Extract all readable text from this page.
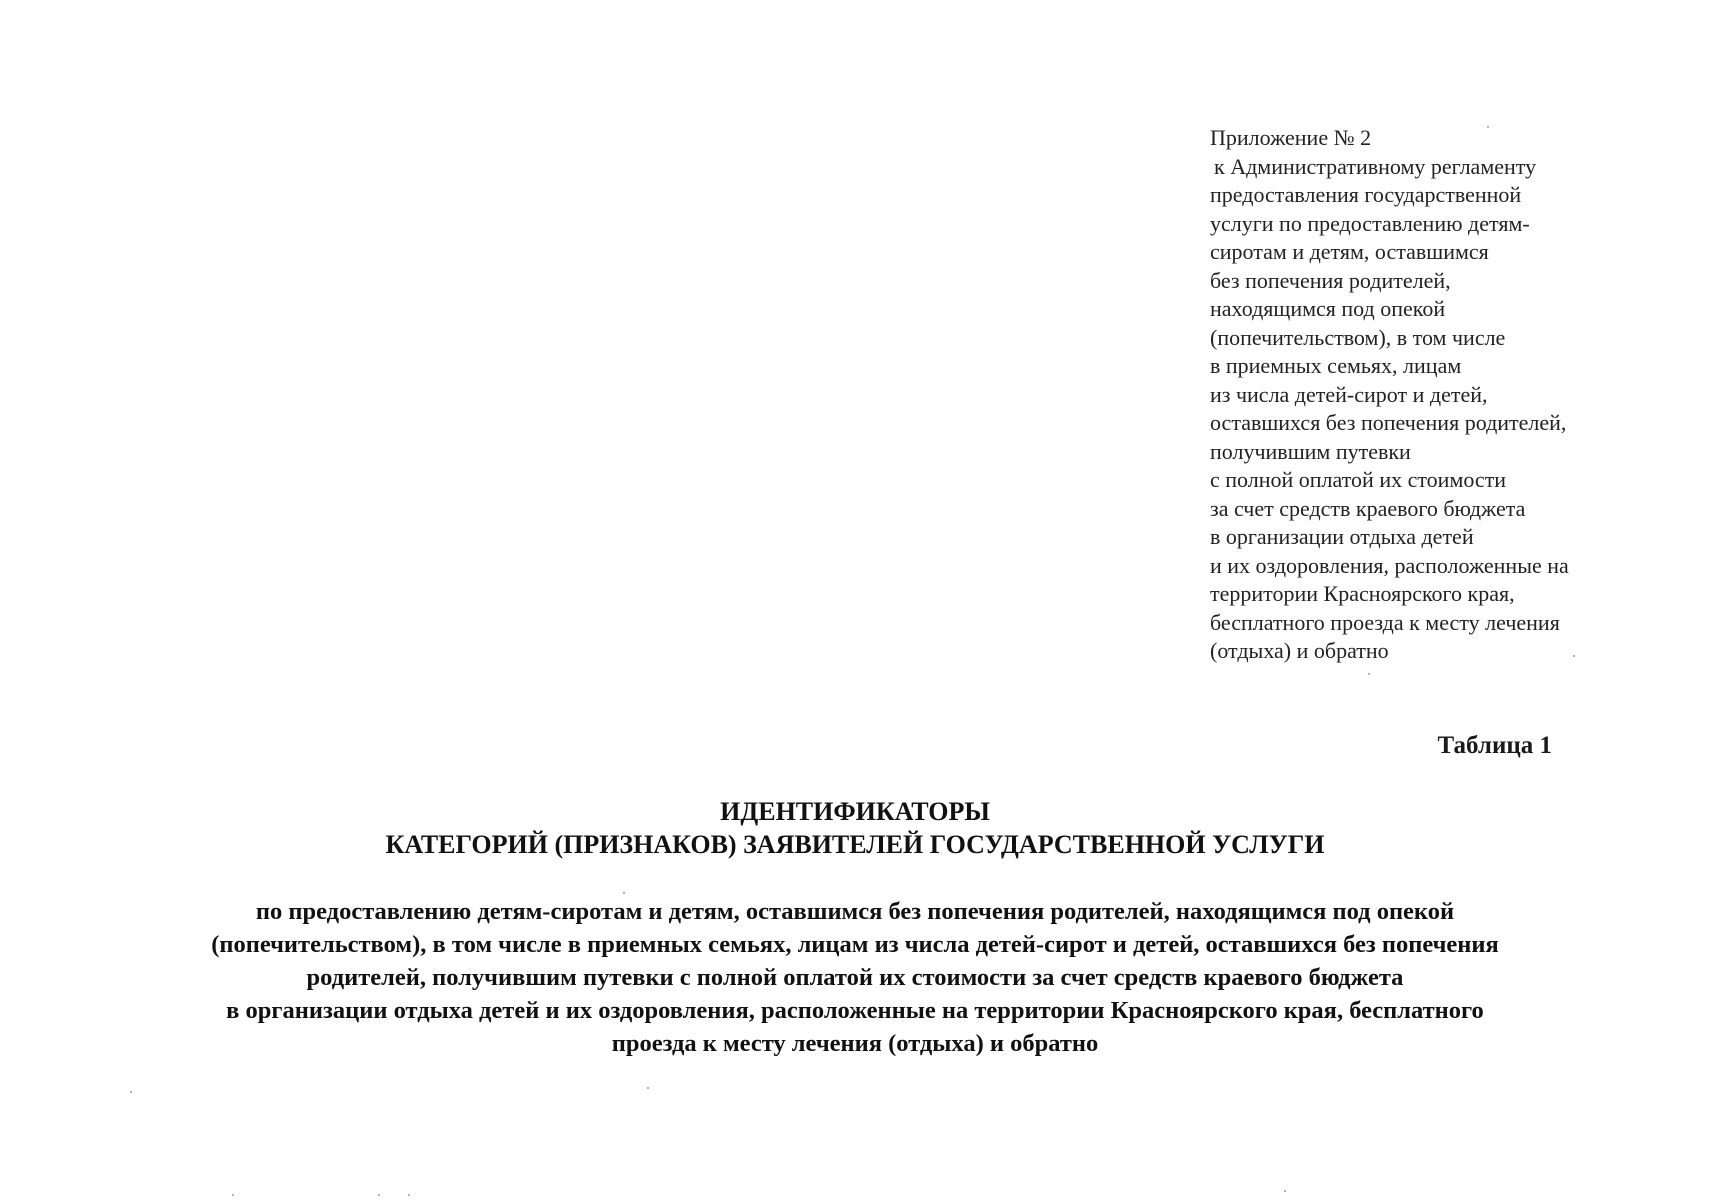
Приложение № 2
к Административному регламенту
предоставления государственной
услуги по предоставлению детям-
сиротам и детям, оставшимся
без попечения родителей,
находящимся под опекой
(попечительством), в том числе
в приемных семьях, лицам
из числа детей-сирот и детей,
оставшихся без попечения родителей,
получившим путевки
с полной оплатой их стоимости
за счет средств краевого бюджета
в организации отдыха детей
и их оздоровления, расположенные на
территории Красноярского края,
бесплатного проезда к месту лечения
(отдыха) и обратно
Таблица 1
ИДЕНТИФИКАТОРЫ
КАТЕГОРИЙ (ПРИЗНАКОВ) ЗАЯВИТЕЛЕЙ ГОСУДАРСТВЕННОЙ УСЛУГИ
по предоставлению детям-сиротам и детям, оставшимся без попечения родителей, находящимся под опекой
(попечительством), в том числе в приемных семьях, лицам из числа детей-сирот и детей, оставшихся без попечения
родителей, получившим путевки с полной оплатой их стоимости за счет средств краевого бюджета
в организации отдыха детей и их оздоровления, расположенные на территории Красноярского края, бесплатного
проезда к месту лечения (отдыха) и обратно
